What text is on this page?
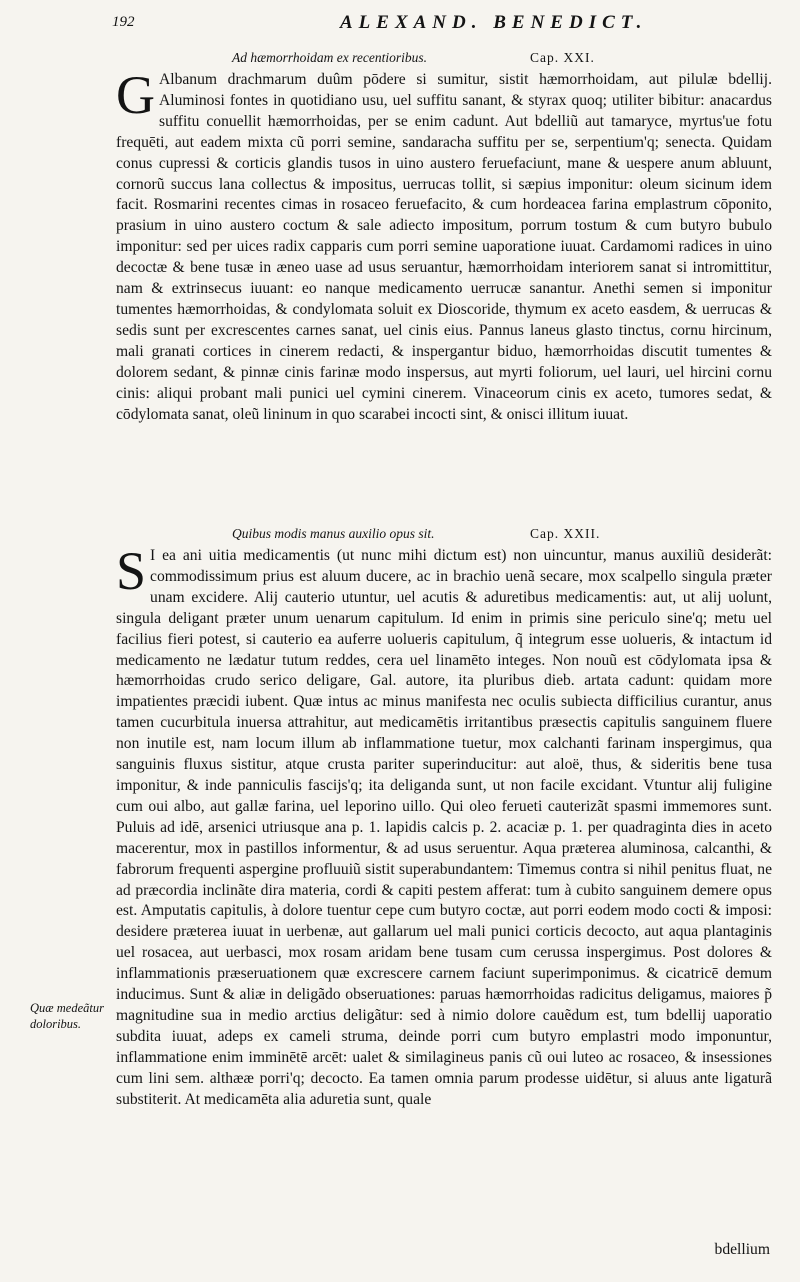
192	ALEXAND. BENEDICT.
Ad hæmorrhoidam ex recentioribus.	Cap. XXI.

G Albanum drachmarum duûm pōdere si sumitur, sistit hæmorrhoidam, aut pilulæ bdellij. Aluminosi fontes in quotidiano usu, uel suffitu sanant, & styrax quoq; utiliter bibitur: anacardus suffitu conuellit hæmorrhoidas, per se enim cadunt. Aut bdelliũ aut tamaryce, myrtus'ue fotu frequēti, aut eadem mixta cũ porri semine, sandaracha suffitu per se, serpentium'q; senecta. Quidam conus cupressi & corticis glandis tusos in uino austero feruefaciunt, mane & uespere anum abluunt, cornorũ succus lana collectus & impositus, uerrucas tollit, si sæpius imponitur: oleum sicinum idem facit. Rosmarini recentes cimas in rosaceo feruefacito, & cum hordeacea farina emplastrum cōponito, prasium in uino austero coctum & sale adiecto impositum, porrum tostum & cum butyro bubulo imponitur: sed per uices radix capparis cum porri semine uaporatione iuuat. Cardamomi radices in uino decoctæ & bene tusæ in æneo uase ad usus seruantur, hæmorrhoidam interiorem sanat si intromittitur, nam & extrinsecus iuuant: eo nanque medicamento uerrucæ sanantur. Anethi semen si imponitur tumentes hæmorrhoidas, & condylomata soluit ex Dioscoride, thymum ex aceto easdem, & uerrucas & sedis sunt per excrescentes carnes sanat, uel cinis eius. Pannus laneus glasto tinctus, cornu hircinum, mali granati cortices in cinerem redacti, & inspergantur biduo, hæmorrhoidas discutit tumentes & dolorem sedant, & pinnæ cinis farinæ modo inspersus, aut myrti foliorum, uel lauri, uel hircini cornu cinis: aliqui probant mali punici uel cymini cinerem. Vinaceorum cinis ex aceto, tumores sedat, & cōdylomata sanat, oleũ lininum in quo scarabei incocti sint, & onisci illitum iuuat.

Quibus modis manus auxilio opus sit.	Cap. XXII.

S I ea ani uitia medicamentis (ut nunc mihi dictum est) non uincuntur, manus auxiliũ desiderãt: commodissimum prius est aluum ducere, ac in brachio uenã secare, mox scalpello singula præter unam excidere. Alij cauterio utuntur, uel acutis & aduretibus medicamentis: aut, ut alij uolunt, singula deligant præter unum uenarum capitulum. Id enim in primis sine periculo sine'q; metu uel facilius fieri potest, si cauterio ea auferre uolueris capitulum, q̃ integrum esse uolueris, & intactum id medicamento ne lædatur tutum reddes, cera uel linamēto integes. Non nouũ est cōdylomata ipsa & hæmorrhoidas crudo serico deligare, Gal. autore, ita pluribus dieb. artata cadunt: quidam more impatientes præcidi iubent. Quæ intus ac minus manifesta nec oculis subiecta difficilius curantur, anus tamen cucurbitula inuersa attrahitur, aut medicamētis irritantibus præsectis capitulis sanguinem fluere non inutile est, nam locum illum ab inflammatione tuetur, mox calchanti farinam inspergimus, qua sanguinis fluxus sistitur, atque crusta pariter superinducitur: aut aloë, thus, & sideritis bene tusa imponitur, & inde panniculis fascijs'q; ita deliganda sunt, ut non facile excidant. Vtuntur alij fuligine cum oui albo, aut gallæ farina, uel leporino uillo. Qui oleo ferueti cauterizãt spasmi immemores sunt. Puluis ad idē, arsenici utriusque ana p. 1. lapidis calcis p. 2. acaciæ p. 1. per quadraginta dies in aceto macerentur, mox in pastillos informentur, & ad usus seruentur. Aqua præterea aluminosa, calcanthi, & fabrorum frequenti aspergine profluuiũ sistit superabundantem: Timemus contra si nihil penitus fluat, ne ad præcordia inclinãte dira materia, cordi & capiti pestem afferat: tum à cubito sanguinem demere opus est. Amputatis capitulis, à dolore tuentur cepe cum butyro coctæ, aut porri eodem modo cocti & imposi: desidere præterea iuuat in uerbenæ, aut gallarum uel mali punici corticis decocto, aut aqua plantaginis uel rosacea, aut uerbasci, mox rosam aridam bene tusam cum cerussa inspergimus. Post dolores & inflammationis præseruationem quæ excrescere carnem faciunt superimponimus. & cicatricē demum inducimus. Sunt & aliæ in deligãdo obseruationes: paruas hæmorrhoidas radicitus deligamus, maiores p̃ magnitudine sua in medio arctius deligãtur: sed à nimio dolore cauẽdum est, tum bdellij uaporatio subdita iuuat, adeps ex cameli struma, deinde porri cum butyro emplastri modo imponuntur, inflammatione enim imminētē arcēt: ualet & similagineus panis cũ oui luteo ac rosaceo, & insessiones cum lini sem. althææ porri'q; decocto. Ea tamen omnia parum prodesse uidētur, si aluus ante ligaturã substiterit. At medicamēta alia aduretia sunt, quale

Quæ medeãtur doloribus.
bdellium
